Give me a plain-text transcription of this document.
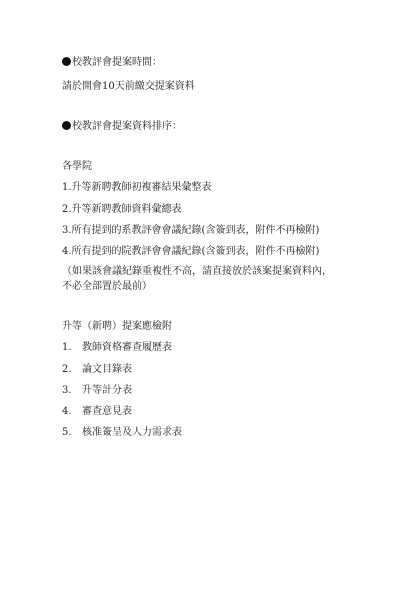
校教評會提案時間：
請於開會10天前繳交提案資料
校教評會提案資料排序：
各學院
1.升等新聘教師初複審結果彙整表
2.升等新聘教師資料彙總表
3.所有提到的系教評會會議紀錄(含簽到表，附件不再檢附)
4.所有提到的院教評會會議紀錄(含簽到表，附件不再檢附)
（如果該會議紀錄重複性不高，請直接放於該案提案資料內，
不必全部置於最前）
升等（新聘）提案應檢附
1. 教師資格審查履歷表
2. 論文目錄表
3. 升等計分表
4. 審查意見表
5. 核准簽呈及人力需求表
